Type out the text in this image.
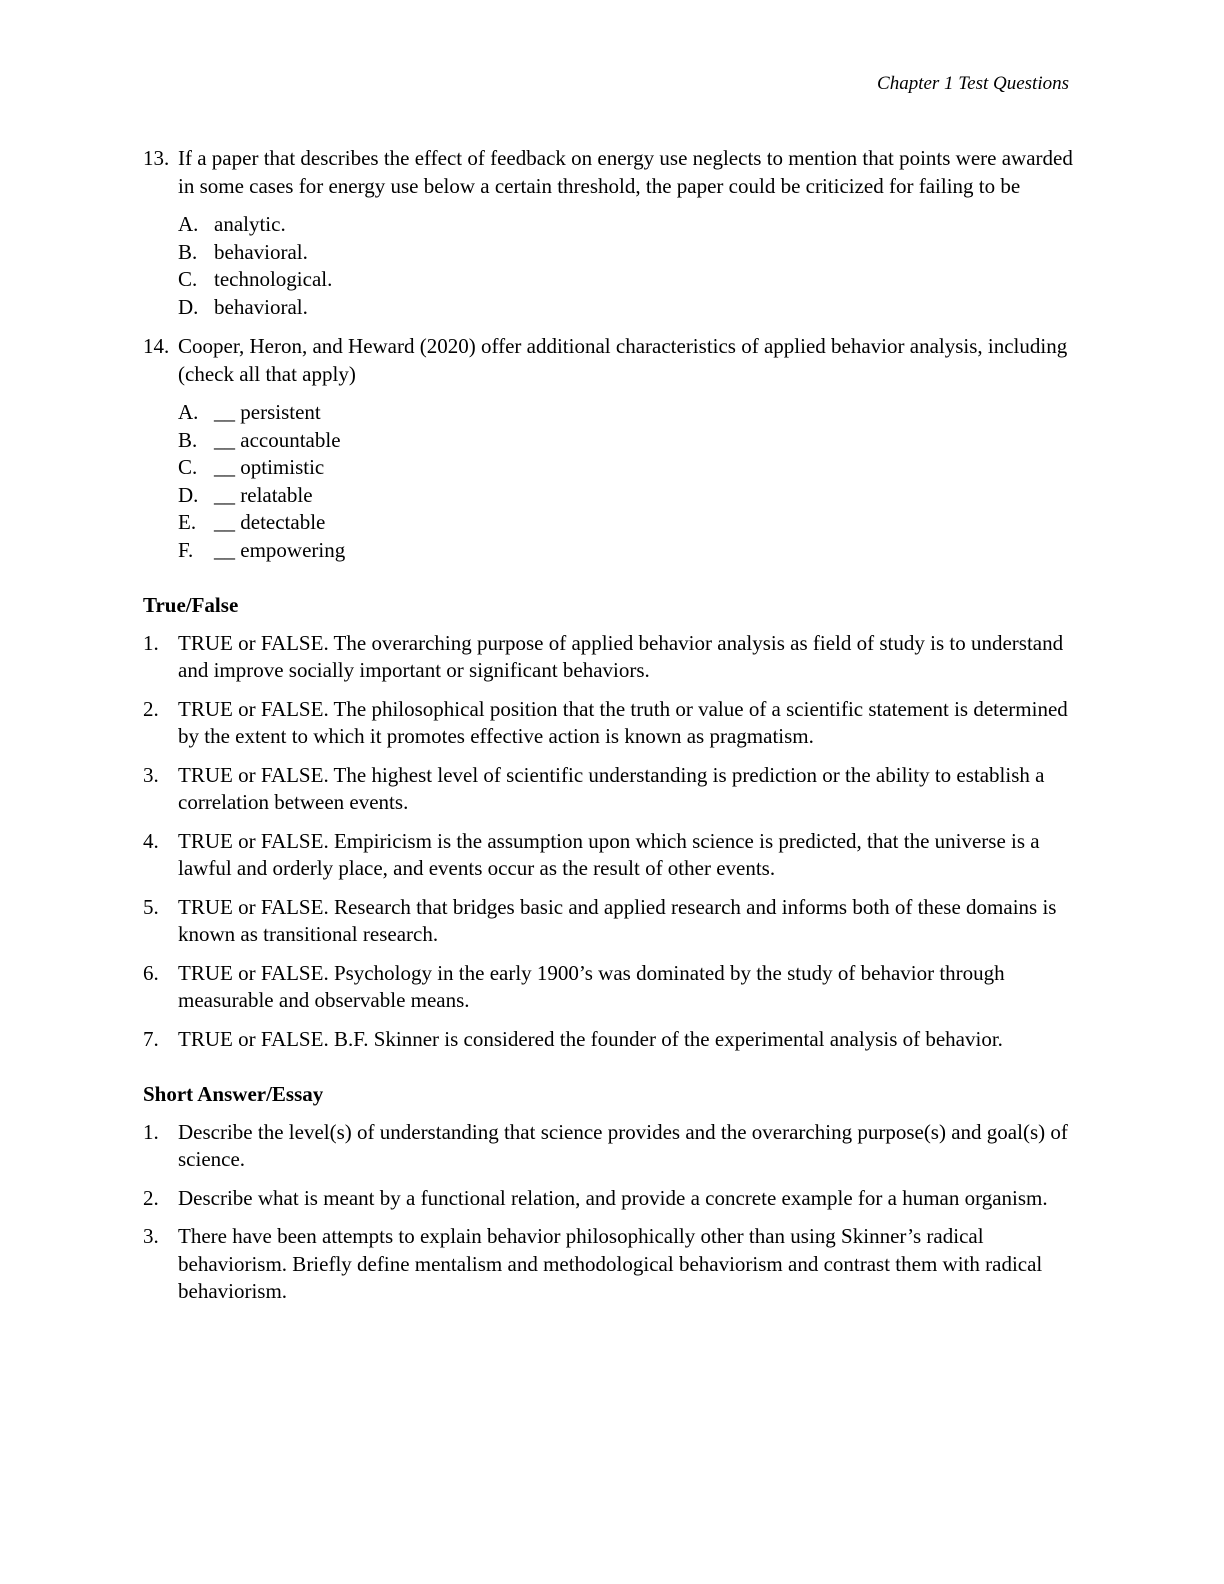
Chapter 1 Test Questions
13. If a paper that describes the effect of feedback on energy use neglects to mention that points were awarded in some cases for energy use below a certain threshold, the paper could be criticized for failing to be
A. analytic.
B. behavioral.
C. technological.
D. behavioral.
14. Cooper, Heron, and Heward (2020) offer additional characteristics of applied behavior analysis, including (check all that apply)
A. __ persistent
B. __ accountable
C. __ optimistic
D. __ relatable
E. __ detectable
F. __ empowering
True/False
1. TRUE or FALSE. The overarching purpose of applied behavior analysis as field of study is to understand and improve socially important or significant behaviors.
2. TRUE or FALSE. The philosophical position that the truth or value of a scientific statement is determined by the extent to which it promotes effective action is known as pragmatism.
3. TRUE or FALSE. The highest level of scientific understanding is prediction or the ability to establish a correlation between events.
4. TRUE or FALSE. Empiricism is the assumption upon which science is predicted, that the universe is a lawful and orderly place, and events occur as the result of other events.
5. TRUE or FALSE. Research that bridges basic and applied research and informs both of these domains is known as transitional research.
6. TRUE or FALSE. Psychology in the early 1900’s was dominated by the study of behavior through measurable and observable means.
7. TRUE or FALSE. B.F. Skinner is considered the founder of the experimental analysis of behavior.
Short Answer/Essay
1. Describe the level(s) of understanding that science provides and the overarching purpose(s) and goal(s) of science.
2. Describe what is meant by a functional relation, and provide a concrete example for a human organism.
3. There have been attempts to explain behavior philosophically other than using Skinner’s radical behaviorism. Briefly define mentalism and methodological behaviorism and contrast them with radical behaviorism.
